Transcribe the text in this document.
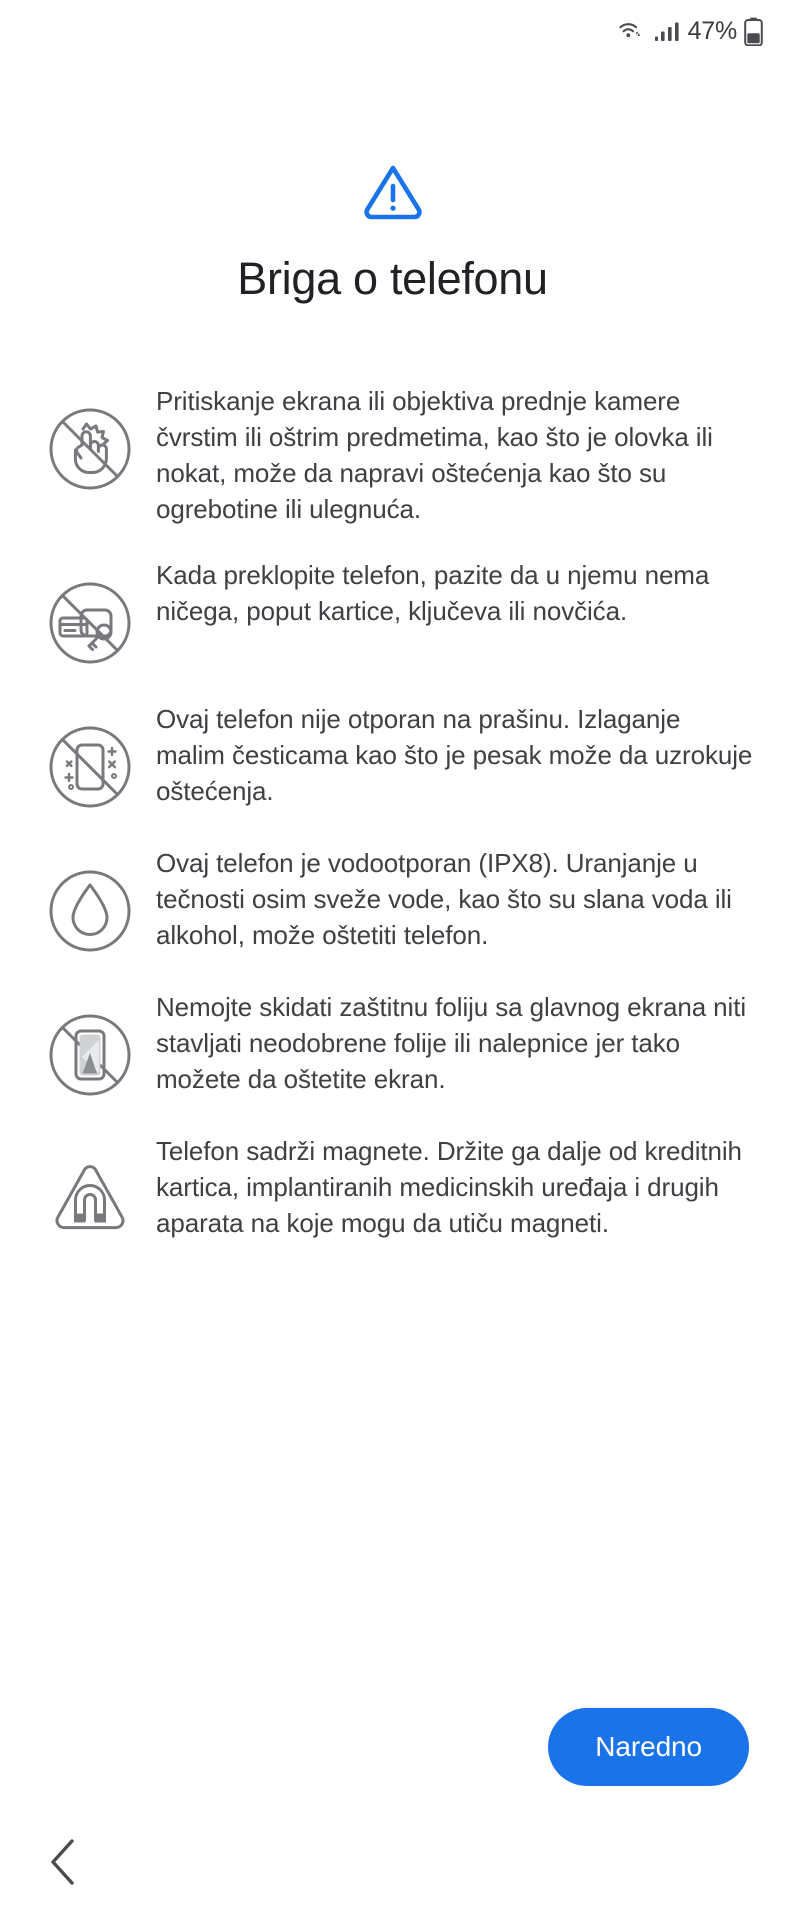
47%
Briga o telefonu

Pritiskanje ekrana ili objektiva prednje kamere čvrstim ili oštrim predmetima, kao što je olovka ili nokat, može da napravi oštećenja kao što su ogrebotine ili ulegnuća.

Kada preklopite telefon, pazite da u njemu nema ničega, poput kartice, ključeva ili novčića.

Ovaj telefon nije otporan na prašinu. Izlaganje malim česticama kao što je pesak može da uzrokuje oštećenja.

Ovaj telefon je vodootporan (IPX8). Uranjanje u tečnosti osim sveže vode, kao što su slana voda ili alkohol, može oštetiti telefon.

Nemojte skidati zaštitnu foliju sa glavnog ekrana niti stavljati neodobrene folije ili nalepnice jer tako možete da oštetite ekran.

Telefon sadrži magnete. Držite ga dalje od kreditnih kartica, implantiranih medicinskih uređaja i drugih aparata na koje mogu da utiču magneti.

Naredno
